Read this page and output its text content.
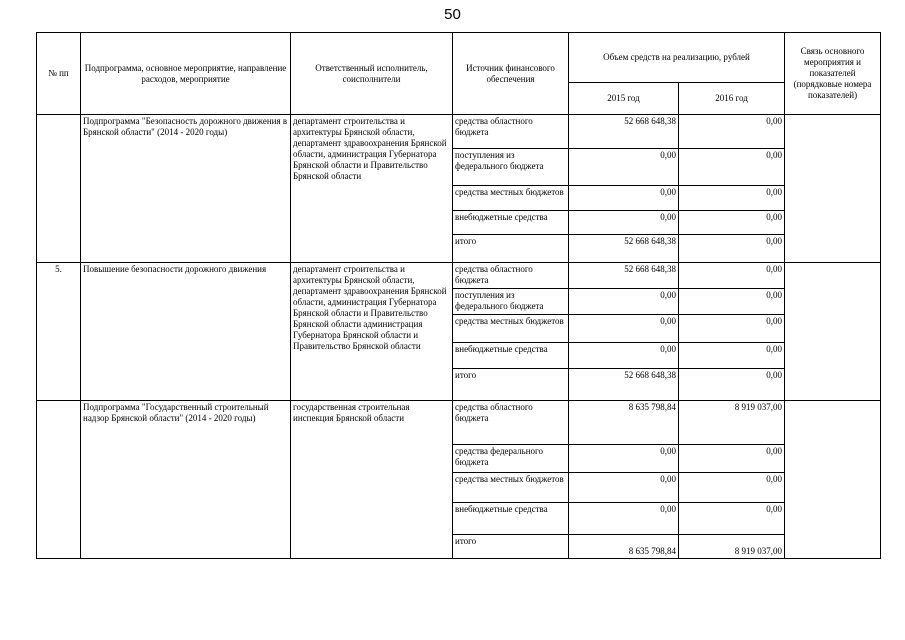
50
№ пп	Подпрограмма, основное мероприятие, направление расходов, мероприятие	Ответственный исполнитель, соисполнители	Источник финансового обеспечения	Объем средств на реализацию, рублей		Связь основного мероприятия и показателей (порядковые номера показателей)
				2015 год	2016 год	
	Подпрограмма "Безопасность дорожного движения в Брянской области" (2014 - 2020 годы)	департамент строительства и архитектуры Брянской области, департамент здравоохранения Брянской области, администрация Губернатора Брянской области и Правительство Брянской области	средства областного бюджета	52 668 648,38	0,00	
			поступления из федерального бюджета	0,00	0,00	
			средства местных бюджетов	0,00	0,00	
			внебюджетные средства	0,00	0,00	
			итого	52 668 648,38	0,00	
5.	Повышение безопасности дорожного движения	департамент строительства и архитектуры Брянской области, департамент здравоохранения Брянской области, администрация Губернатора Брянской области и Правительство Брянской области администрация Губернатора Брянской области и Правительство Брянской области	средства областного бюджета	52 668 648,38	0,00	
			поступления из федерального бюджета	0,00	0,00	
			средства местных бюджетов	0,00	0,00	
			внебюджетные средства	0,00	0,00	
			итого	52 668 648,38	0,00	
	Подпрограмма "Государственный строительный надзор Брянской области" (2014 - 2020 годы)	государственная строительная инспекция Брянской области	средства областного бюджета	8 635 798,84	8 919 037,00	
			средства федерального бюджета	0,00	0,00	
			средства местных бюджетов	0,00	0,00	
			внебюджетные средства	0,00	0,00	
			итого	8 635 798,84	8 919 037,00	
